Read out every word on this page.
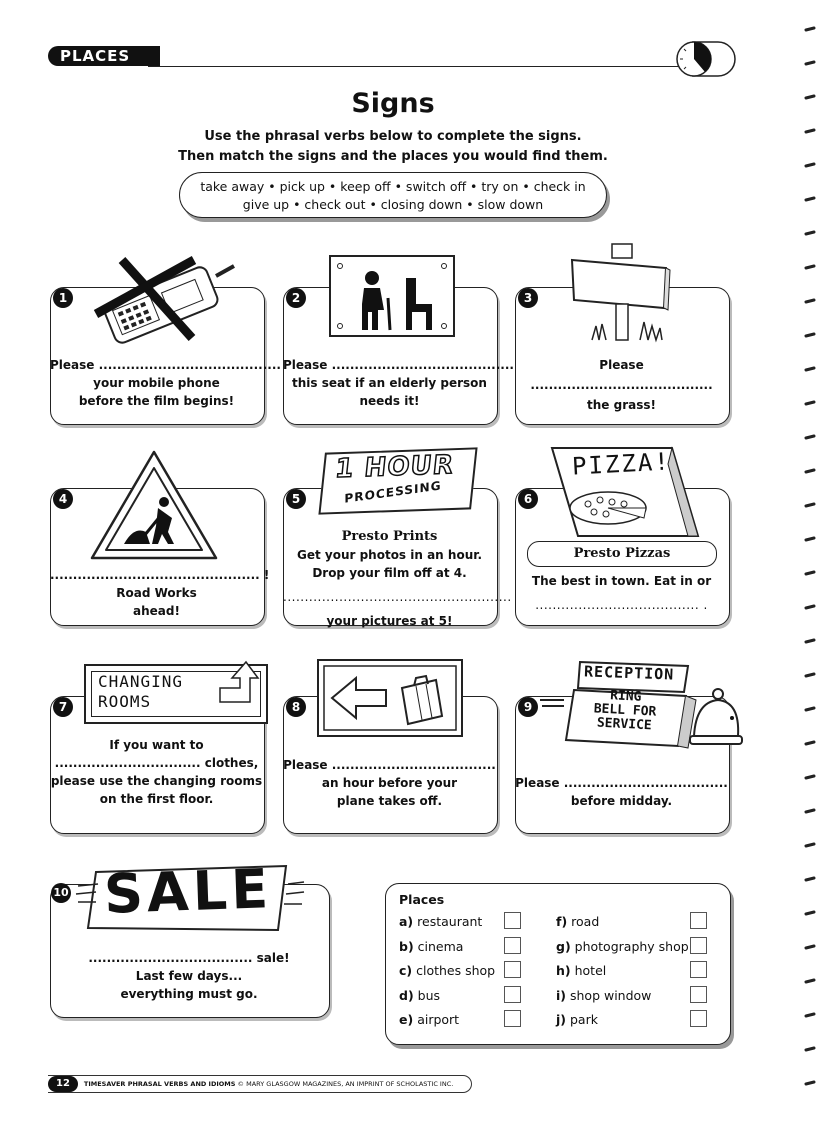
PLACES
Signs
Use the phrasal verbs below to complete the signs.
Then match the signs and the places you would find them.
take away • pick up • keep off • switch off • try on • check in
give up • check out • closing down • slow down
1
Please ........................................
your mobile phone
before the film begins!
2
Please ........................................
this seat if an elderly person
needs it!
3
Please
........................................
the grass!
4
.............................................. !
Road Works
ahead!
5
1 HOUR
PROCESSING
Presto Prints
Get your photos in an hour.
Drop your film off at 4.
.....................................................
your pictures at 5!
6
PIZZA!
Presto Pizzas
The best in town. Eat in or
...................................... .
7
CHANGING
ROOMS
If you want to
................................ clothes,
please use the changing rooms
on the first floor.
8
Please ....................................
an hour before your
plane takes off.
9
RECEPTION
RING
BELL FOR
SERVICE
Please ....................................
before midday.
10 SALE
.................................... sale!
Last few days...
everything must go.
Places
a) restaurant
b) cinema
c) clothes shop
d) bus
e) airport
f) road
g) photography shop
h) hotel
i) shop window
j) park
12 TIMESAVER PHRASAL VERBS AND IDIOMS © MARY GLASGOW MAGAZINES, AN IMPRINT OF SCHOLASTIC INC.
